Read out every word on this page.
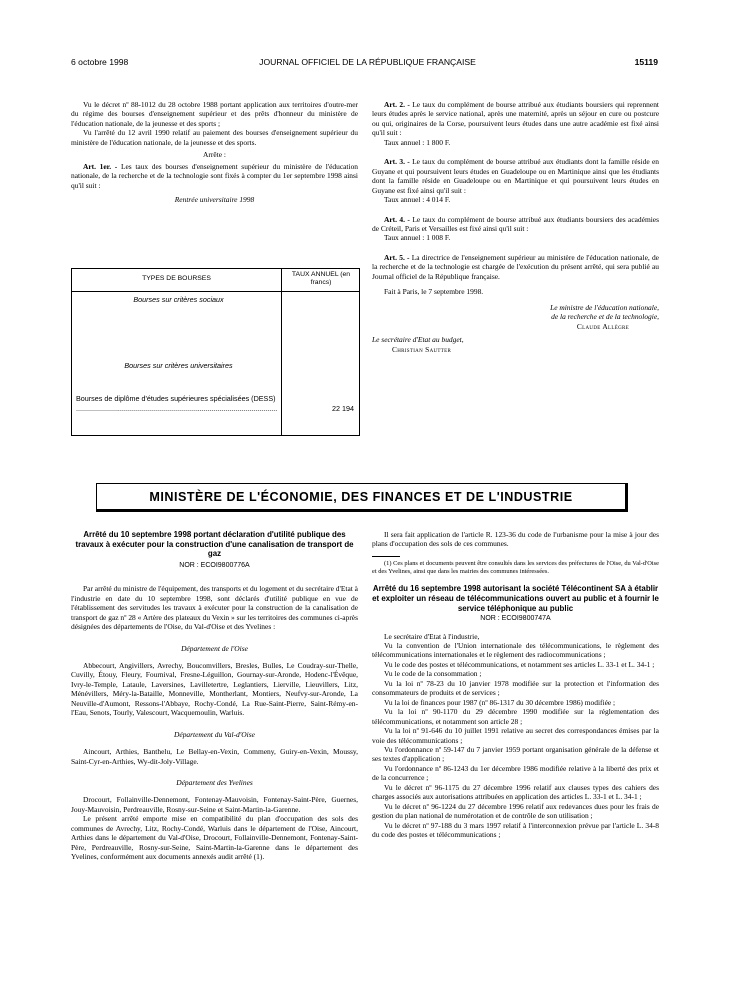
6 octobre 1998	JOURNAL OFFICIEL DE LA RÉPUBLIQUE FRANÇAISE	15119

Vu le décret nº 88-1012 du 28 octobre 1988 portant application aux territoires d'outre-mer du régime des bourses d'enseignement supérieur et des prêts d'honneur du ministère de l'éducation nationale, de la jeunesse et des sports ;

Vu l'arrêté du 12 avril 1990 relatif au paiement des bourses d'enseignement supérieur du ministère de l'éducation nationale, de la jeunesse et des sports.

Arrête :

Art. 1er. - Les taux des bourses d'enseignement supérieur du ministère de l'éducation nationale, de la recherche et de la technologie sont fixés à compter du 1er septembre 1998 ainsi qu'il suit :

Rentrée universitaire 1998

TYPES DE BOURSES
TAUX ANNUEL (en francs)
Bourses sur critères sociaux
Bourses sur critères universitaires
Bourses de diplôme d'études supérieures spécialisées (DESS) .....
22 194

Art. 2. - Le taux du complément de bourse attribué aux étudiants boursiers qui reprennent leurs études après le service national, après une maternité, après un séjour en cure ou postcure ou qui, originaires de la Corse, poursuivent leurs études dans une autre académie est fixé ainsi qu'il suit :

Taux annuel : 1 800 F.

Art. 3. - Le taux du complément de bourse attribué aux étudiants dont la famille réside en Guyane et qui poursuivent leurs études en Guadeloupe ou en Martinique ainsi que les étudiants dont la famille réside en Guadeloupe ou en Martinique et qui poursuivent leurs études en Guyane est fixé ainsi qu'il suit :

Taux annuel : 4 014 F.

Art. 4. - Le taux du complément de bourse attribué aux étudiants boursiers des académies de Créteil, Paris et Versailles est fixé ainsi qu'il suit :

Taux annuel : 1 008 F.

Art. 5. - La directrice de l'enseignement supérieur au ministère de l'éducation nationale, de la recherche et de la technologie est chargée de l'exécution du présent arrêté, qui sera publié au Journal officiel de la République française.

Fait à Paris, le 7 septembre 1998.

Le ministre de l'éducation nationale,

de la recherche et de la technologie,

Claude Allègre

Le secrétaire d'Etat au budget,

Christian Sautter

MINISTÈRE DE L'ÉCONOMIE, DES FINANCES ET DE L'INDUSTRIE
Arrêté du 10 septembre 1998 portant déclaration d'utilité publique des travaux à exécuter pour la construction d'une canalisation de transport de gaz
NOR : ECOI9800776A

Par arrêté du ministre de l'équipement, des transports et du logement et du secrétaire d'Etat à l'industrie en date du 10 septembre 1998, sont déclarés d'utilité publique en vue de l'établissement des servitudes les travaux à exécuter pour la construction de la canalisation de transport de gaz nº 28 « Artère des plateaux du Vexin » sur les territoires des communes ci-après désignées des départements de l'Oise, du Val-d'Oise et des Yvelines :

Département de l'Oise

Abbecourt, Angivillers, Avrechy, Boucomvillers, Bresles, Bulles, Le Coudray-sur-Thelle, Cuvilly, Étouy, Fleury, Fournival, Fresne-Léguillon, Gournay-sur-Aronde, Hodenc-l'Évêque, Ivry-le-Temple, Lataule, Laversines, Lavilletertre, Leglantiers, Lierville, Lieuvillers, Litz, Ménévillers, Méry-la-Bataille, Monneville, Montherlant, Montiers, Neufvy-sur-Aronde, La Neuville-d'Aumont, Ressons-l'Abbaye, Rochy-Condé, La Rue-Saint-Pierre, Saint-Rémy-en-l'Eau, Senots, Tourly, Valescourt, Wacquemoulin, Warluis.

Département du Val-d'Oise

Aincourt, Arthies, Banthelu, Le Bellay-en-Vexin, Commeny, Guiry-en-Vexin, Moussy, Saint-Cyr-en-Arthies, Wy-dit-Joly-Village.

Département des Yvelines

Drocourt, Follainville-Dennemont, Fontenay-Mauvoisin, Fontenay-Saint-Père, Guernes, Jouy-Mauvoisin, Perdreauville, Rosny-sur-Seine et Saint-Martin-la-Garenne.

Le présent arrêté emporte mise en compatibilité du plan d'occupation des sols des communes de Avrechy, Litz, Rochy-Condé, Warluis dans le département de l'Oise, Aincourt, Arthies dans le département du Val-d'Oise, Drocourt, Follainville-Dennemont, Fontenay-Saint-Père, Perdreauville, Rosny-sur-Seine, Saint-Martin-la-Garenne dans le département des Yvelines, conformément aux documents annexés audit arrêté (1).

Il sera fait application de l'article R. 123-36 du code de l'urbanisme pour la mise à jour des plans d'occupation des sols de ces communes.

(1) Ces plans et documents peuvent être consultés dans les services des préfectures de l'Oise, du Val-d'Oise et des Yvelines, ainsi que dans les mairies des communes intéressées.

Arrêté du 16 septembre 1998 autorisant la société Télécontinent SA à établir et exploiter un réseau de télécommunications ouvert au public et à fournir le service téléphonique au public
NOR : ECOI9800747A

Le secrétaire d'Etat à l'industrie,

Vu la convention de l'Union internationale des télécommunications, le règlement des télécommunications internationales et le règlement des radiocommunications ;

Vu le code des postes et télécommunications, et notamment ses articles L. 33-1 et L. 34-1 ;

Vu le code de la consommation ;

Vu la loi nº 78-23 du 10 janvier 1978 modifiée sur la protection et l'information des consommateurs de produits et de services ;

Vu la loi de finances pour 1987 (nº 86-1317 du 30 décembre 1986) modifiée ;

Vu la loi nº 90-1170 du 29 décembre 1990 modifiée sur la réglementation des télécommunications, et notamment son article 28 ;

Vu la loi nº 91-646 du 10 juillet 1991 relative au secret des correspondances émises par la voie des télécommunications ;

Vu l'ordonnance nº 59-147 du 7 janvier 1959 portant organisation générale de la défense et ses textes d'application ;

Vu l'ordonnance nº 86-1243 du 1er décembre 1986 modifiée relative à la liberté des prix et de la concurrence ;

Vu le décret nº 96-1175 du 27 décembre 1996 relatif aux clauses types des cahiers des charges associés aux autorisations attribuées en application des articles L. 33-1 et L. 34-1 ;

Vu le décret nº 96-1224 du 27 décembre 1996 relatif aux redevances dues pour les frais de gestion du plan national de numérotation et de contrôle de son utilisation ;

Vu le décret nº 97-188 du 3 mars 1997 relatif à l'interconnexion prévue par l'article L. 34-8 du code des postes et télécommunications ;
